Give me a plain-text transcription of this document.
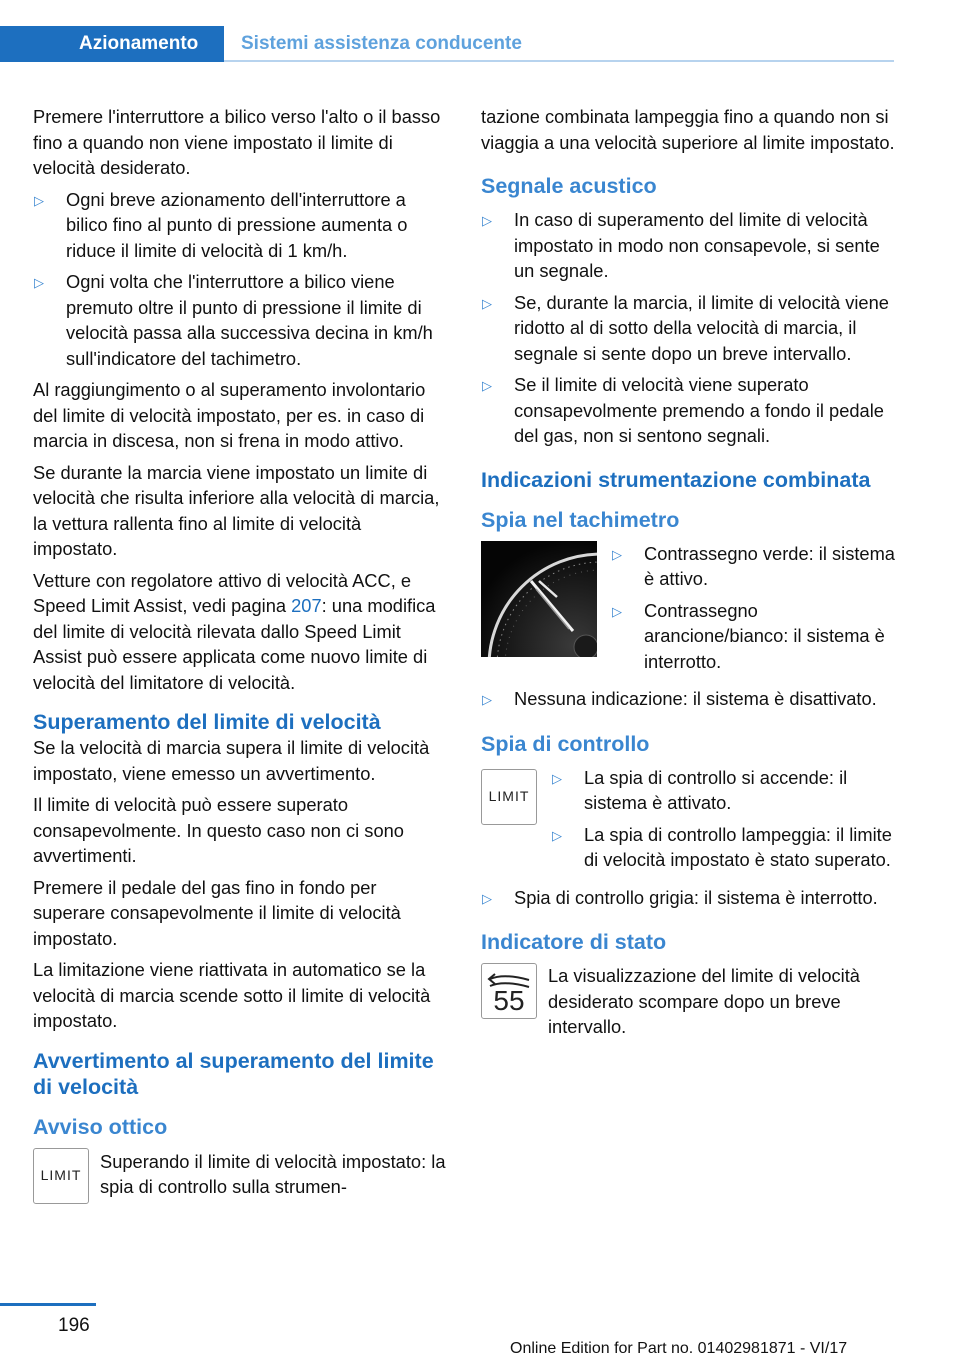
Azionamento	Sistemi assistenza conducente

Premere l'interruttore a bilico verso l'alto o il basso fino a quando non viene impostato il limite di velocità desiderato.

▷	Ogni breve azionamento dell'interruttore a bilico fino al punto di pressione aumenta o riduce il limite di velocità di 1 km/h.
▷	Ogni volta che l'interruttore a bilico viene premuto oltre il punto di pressione il limite di velocità passa alla successiva decina in km/h sull'indicatore del tachimetro.

Al raggiungimento o al superamento involontario del limite di velocità impostato, per es. in caso di marcia in discesa, non si frena in modo attivo.

Se durante la marcia viene impostato un limite di velocità che risulta inferiore alla velocità di marcia, la vettura rallenta fino al limite di velocità impostato.

Vetture con regolatore attivo di velocità ACC, e Speed Limit Assist, vedi pagina 207: una modifica del limite di velocità rilevata dallo Speed Limit Assist può essere applicata come nuovo limite di velocità del limitatore di velocità.

Superamento del limite di velocità

Se la velocità di marcia supera il limite di velocità impostato, viene emesso un avvertimento.

Il limite di velocità può essere superato consapevolmente. In questo caso non ci sono avvertimenti.

Premere il pedale del gas fino in fondo per superare consapevolmente il limite di velocità impostato.

La limitazione viene riattivata in automatico se la velocità di marcia scende sotto il limite di velocità impostato.

Avvertimento al superamento del limite di velocità
Avviso ottico
LIMIT

Superando il limite di velocità impostato: la spia di controllo sulla strumen-

tazione combinata lampeggia fino a quando non si viaggia a una velocità superiore al limite impostato.

Segnale acustico
▷	In caso di superamento del limite di velocità impostato in modo non consapevole, si sente un segnale.
▷	Se, durante la marcia, il limite di velocità viene ridotto al di sotto della velocità di marcia, il segnale si sente dopo un breve intervallo.
▷	Se il limite di velocità viene superato consapevolmente premendo a fondo il pedale del gas, non si sentono segnali.
Indicazioni strumentazione combinata
Spia nel tachimetro
▷	Contrassegno verde: il sistema è attivo.
▷	Contrassegno arancione/bianco: il sistema è interrotto.
▷	Nessuna indicazione: il sistema è disattivato.
Spia di controllo
LIMIT
▷	La spia di controllo si accende: il sistema è attivato.
▷	La spia di controllo lampeggia: il limite di velocità impostato è stato superato.
▷	Spia di controllo grigia: il sistema è interrotto.
Indicatore di stato
55

La visualizzazione del limite di velocità desiderato scompare dopo un breve intervallo.

196
Online Edition for Part no. 01402981871 - VI/17
